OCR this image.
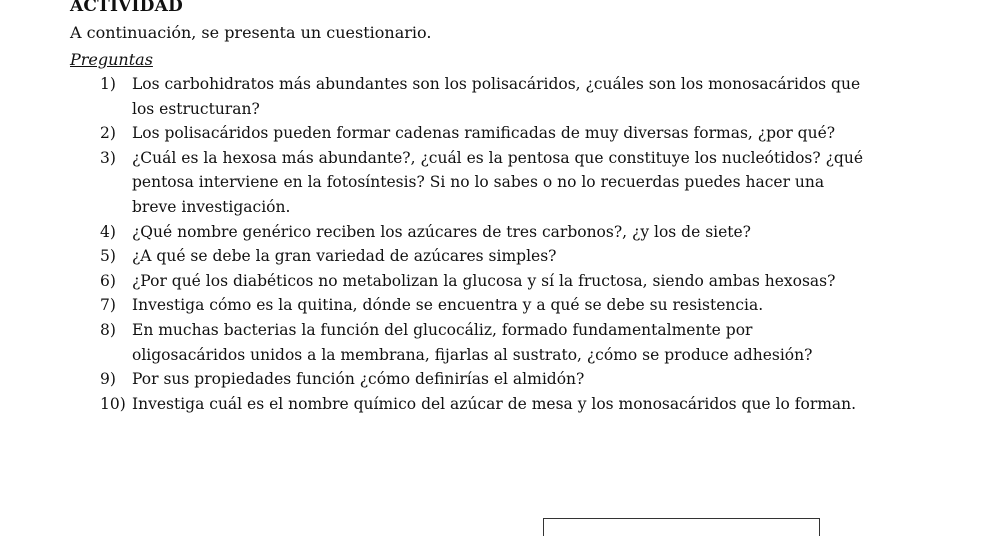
ACTIVIDAD
A continuación, se presenta un cuestionario.
Preguntas
1)	Los carbohidratos más abundantes son los polisacáridos, ¿cuáles son los monosacáridos que los estructuran?
2)	Los polisacáridos pueden formar cadenas ramificadas de muy diversas formas, ¿por qué?
3)	¿Cuál es la hexosa más abundante?, ¿cuál es la pentosa que constituye los nucleótidos? ¿qué pentosa interviene en la fotosíntesis? Si no lo sabes o no lo recuerdas puedes hacer una breve investigación.
4)	¿Qué nombre genérico reciben los azúcares de tres carbonos?, ¿y los de siete?
5)	¿A qué se debe la gran variedad de azúcares simples?
6)	¿Por qué los diabéticos no metabolizan la glucosa y sí la fructosa, siendo ambas hexosas?
7)	Investiga cómo es la quitina, dónde se encuentra y a qué se debe su resistencia.
8)	En muchas bacterias la función del glucocáliz, formado fundamentalmente por oligosacáridos unidos a la membrana, fijarlas al sustrato, ¿cómo se produce adhesión?
9)	Por sus propiedades función ¿cómo definirías el almidón?
10) Investiga cuál es el nombre químico del azúcar de mesa y los monosacáridos que lo forman.
